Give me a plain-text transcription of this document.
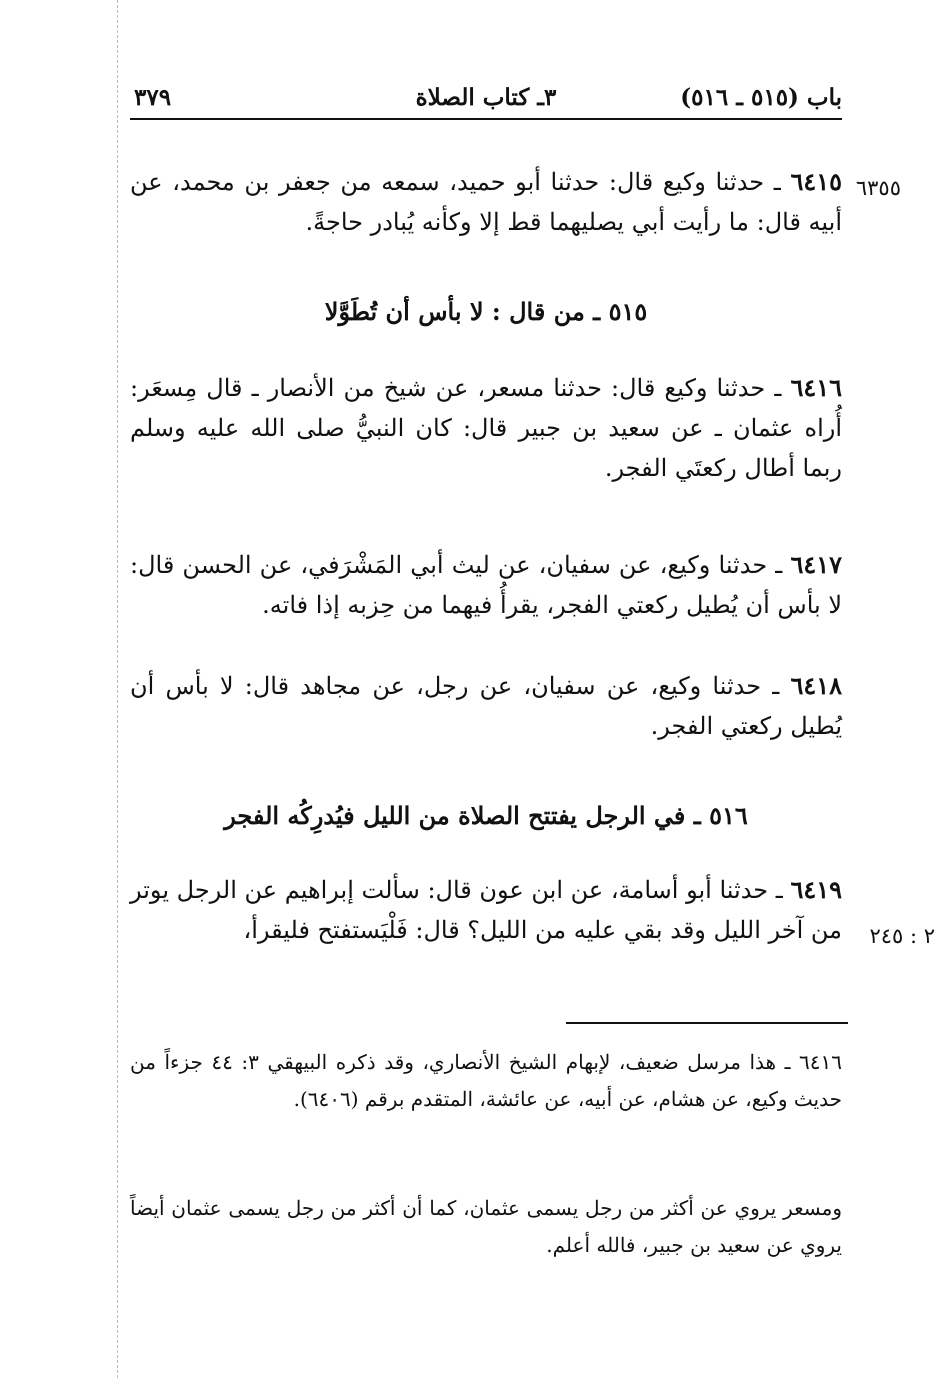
باب (٥١٥ ـ ٥١٦)
٣ـ كتاب الصلاة
٣٧٩
٦٣٥٥
٦٤١٥ ـ حدثنا وكيع قال: حدثنا أبو حميد، سمعه من جعفر بن محمد، عن أبيه قال: ما رأيت أبي يصليهما قط إلا وكأنه يُبادر حاجةً.
٥١٥ ـ من قال : لا بأس أن تُطَوَّلا
٦٤١٦ ـ حدثنا وكيع قال: حدثنا مسعر، عن شيخ من الأنصار ـ قال مِسعَر: أُراه عثمان ـ عن سعيد بن جبير قال: كان النبيُّ صلى الله عليه وسلم ربما أطال ركعتَي الفجر.
٦٤١٧ ـ حدثنا وكيع، عن سفيان، عن ليث أبي المَشْرَفي، عن الحسن قال: لا بأس أن يُطيل ركعتي الفجر، يقرأُ فيهما من حِزبه إذا فاته.
٦٤١٨ ـ حدثنا وكيع، عن سفيان، عن رجل، عن مجاهد قال: لا بأس أن يُطيل ركعتي الفجر.
٥١٦ ـ في الرجل يفتتح الصلاة من الليل فيُدرِكُه الفجر
٦٤١٩ ـ حدثنا أبو أسامة، عن ابن عون قال: سألت إبراهيم عن الرجل يوتر من آخر الليل وقد بقي عليه من الليل؟ قال: فَلْيَستفتح فليقرأ، ٢ : ٢٤٥
٦٤١٦ ـ هذا مرسل ضعيف، لإبهام الشيخ الأنصاري، وقد ذكره البيهقي ٣: ٤٤ جزءاً من حديث وكيع، عن هشام، عن أبيه، عن عائشة، المتقدم برقم (٦٤٠٦).
ومسعر يروي عن أكثر من رجل يسمى عثمان، كما أن أكثر من رجل يسمى عثمان أيضاً يروي عن سعيد بن جبير، فالله أعلم.
